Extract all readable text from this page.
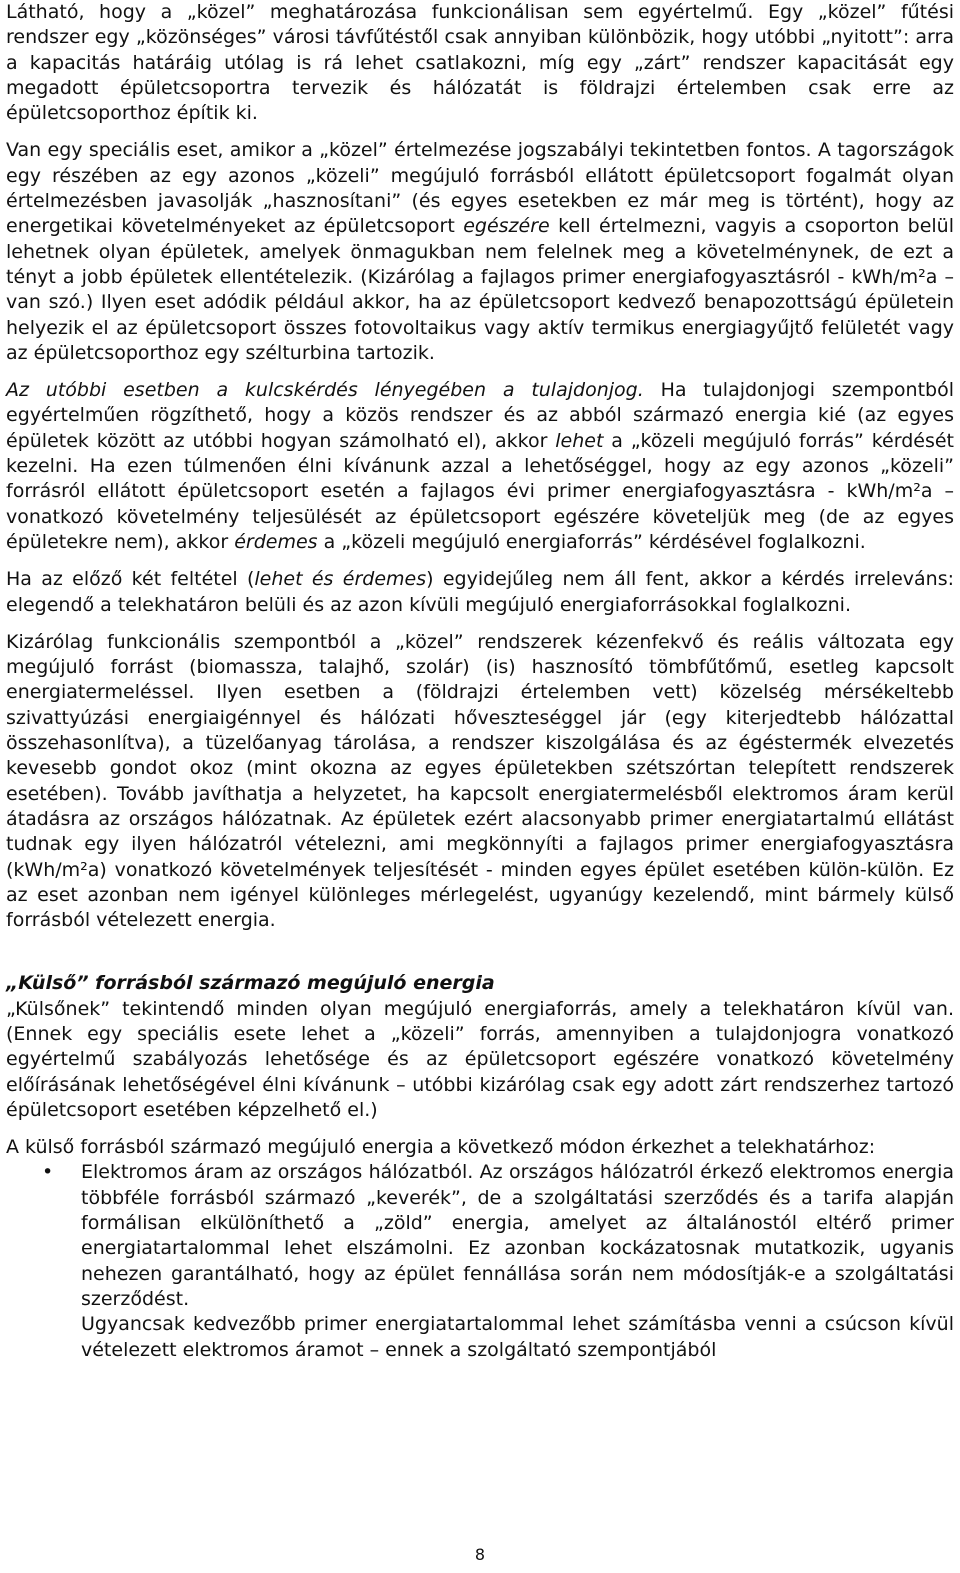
Látható, hogy a „közel” meghatározása funkcionálisan sem egyértelmű. Egy „közel” fűtési rendszer egy „közönséges” városi távfűtéstől csak annyiban különbözik, hogy utóbbi „nyitott”: arra a kapacitás határáig utólag is rá lehet csatlakozni, míg egy „zárt” rendszer kapacitását egy megadott épületcsoportra tervezik és hálózatát is földrajzi értelemben csak erre az épületcsoporthoz építik ki.

Van egy speciális eset, amikor a „közel” értelmezése jogszabályi tekintetben fontos. A tagországok egy részében az egy azonos „közeli” megújuló forrásból ellátott épületcsoport fogalmát olyan értelmezésben javasolják „hasznosítani” (és egyes esetekben ez már meg is történt), hogy az energetikai követelményeket az épületcsoport egészére kell értelmezni, vagyis a csoporton belül lehetnek olyan épületek, amelyek önmagukban nem felelnek meg a követelménynek, de ezt a tényt a jobb épületek ellentételezik. (Kizárólag a fajlagos primer energiafogyasztásról - kWh/m²a – van szó.) Ilyen eset adódik például akkor, ha az épületcsoport kedvező benapozottságú épületein helyezik el az épületcsoport összes fotovoltaikus vagy aktív termikus energiagyűjtő felületét vagy az épületcsoporthoz egy szélturbina tartozik.

Az utóbbi esetben a kulcskérdés lényegében a tulajdonjog. Ha tulajdonjogi szempontból egyértelműen rögzíthető, hogy a közös rendszer és az abból származó energia kié (az egyes épületek között az utóbbi hogyan számolható el), akkor lehet a „közeli megújuló forrás” kérdését kezelni. Ha ezen túlmenően élni kívánunk azzal a lehetőséggel, hogy az egy azonos „közeli” forrásról ellátott épületcsoport esetén a fajlagos évi primer energiafogyasztásra - kWh/m²a – vonatkozó követelmény teljesülését az épületcsoport egészére követeljük meg (de az egyes épületekre nem), akkor érdemes a „közeli megújuló energiaforrás” kérdésével foglalkozni.

Ha az előző két feltétel (lehet és érdemes) egyidejűleg nem áll fent, akkor a kérdés irreleváns: elegendő a telekhatáron belüli és az azon kívüli megújuló energiaforrásokkal foglalkozni.

Kizárólag funkcionális szempontból a „közel” rendszerek kézenfekvő és reális változata egy megújuló forrást (biomassza, talajhő, szolár) (is) hasznosító tömbfűtőmű, esetleg kapcsolt energiatermeléssel. Ilyen esetben a (földrajzi értelemben vett) közelség mérsékeltebb szivattyúzási energiaigénnyel és hálózati hőveszteséggel jár (egy kiterjedtebb hálózattal összehasonlítva), a tüzelőanyag tárolása, a rendszer kiszolgálása és az égéstermék elvezetés kevesebb gondot okoz (mint okozna az egyes épületekben szétszórtan telepített rendszerek esetében). Tovább javíthatja a helyzetet, ha kapcsolt energiatermelésből elektromos áram kerül átadásra az országos hálózatnak. Az épületek ezért alacsonyabb primer energiatartalmú ellátást tudnak egy ilyen hálózatról vételezni, ami megkönnyíti a fajlagos primer energiafogyasztásra (kWh/m²a) vonatkozó követelmények teljesítését - minden egyes épület esetében külön-külön. Ez az eset azonban nem igényel különleges mérlegelést, ugyanúgy kezelendő, mint bármely külső forrásból vételezett energia.

„Külső” forrásból származó megújuló energia

„Külsőnek” tekintendő minden olyan megújuló energiaforrás, amely a telekhatáron kívül van. (Ennek egy speciális esete lehet a „közeli” forrás, amennyiben a tulajdonjogra vonatkozó egyértelmű szabályozás lehetősége és az épületcsoport egészére vonatkozó követelmény előírásának lehetőségével élni kívánunk – utóbbi kizárólag csak egy adott zárt rendszerhez tartozó épületcsoport esetében képzelhető el.)

A külső forrásból származó megújuló energia a következő módon érkezhet a telekhatárhoz:

• Elektromos áram az országos hálózatból. Az országos hálózatról érkező elektromos energia többféle forrásból származó „keverék”, de a szolgáltatási szerződés és a tarifa alapján formálisan elkülöníthető a „zöld” energia, amelyet az általánostól eltérő primer energiatartalommal lehet elszámolni. Ez azonban kockázatosnak mutatkozik, ugyanis nehezen garantálható, hogy az épület fennállása során nem módosítják-e a szolgáltatási szerződést.
Ugyancsak kedvezőbb primer energiatartalommal lehet számításba venni a csúcson kívül vételezett elektromos áramot – ennek a szolgáltató szempontjából
8
